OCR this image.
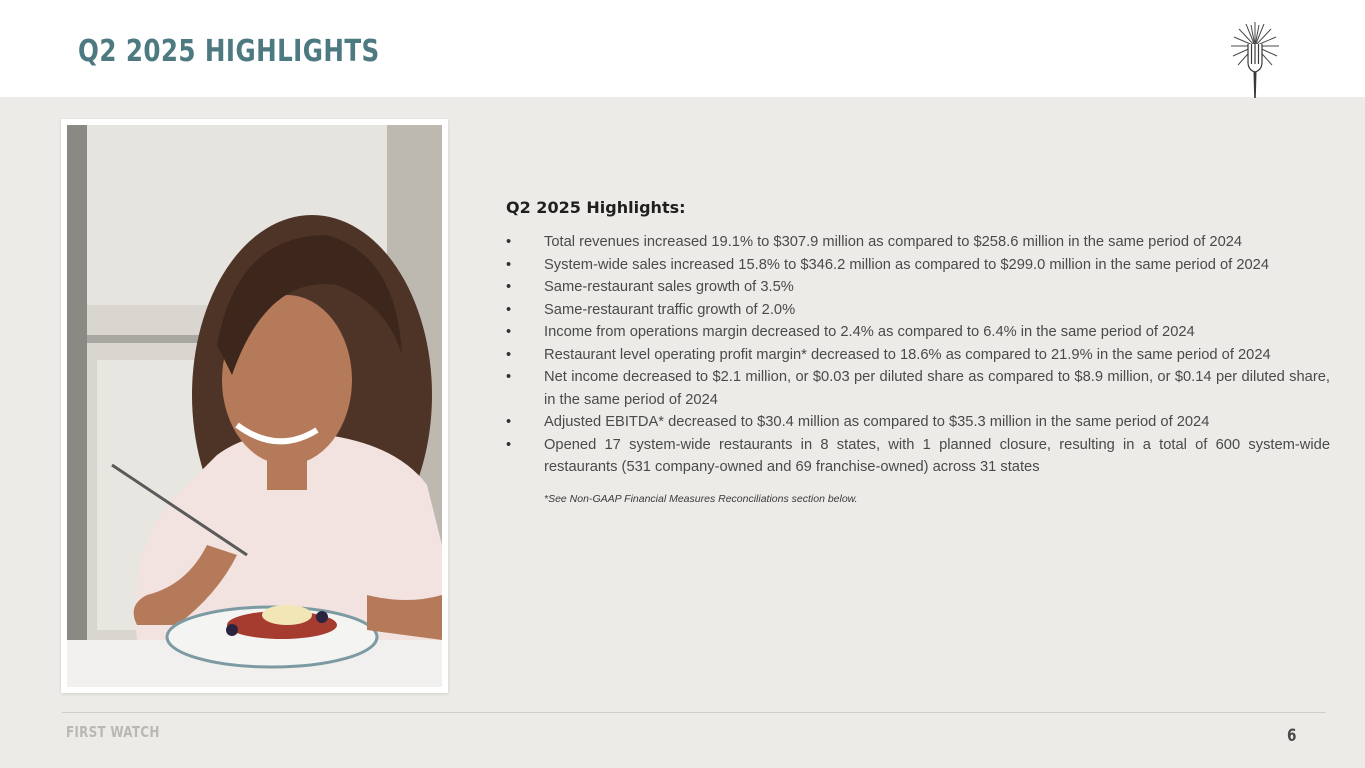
Q2 2025 HIGHLIGHTS
Q2 2025 Highlights:
• Total revenues increased 19.1% to $307.9 million as compared to $258.6 million in the same period of 2024
• System-wide sales increased 15.8% to $346.2 million as compared to $299.0 million in the same period of 2024
• Same-restaurant sales growth of 3.5%
• Same-restaurant traffic growth of 2.0%
• Income from operations margin decreased to 2.4% as compared to 6.4% in the same period of 2024
• Restaurant level operating profit margin* decreased to 18.6% as compared to 21.9% in the same period of 2024
• Net income decreased to $2.1 million, or $0.03 per diluted share as compared to $8.9 million, or $0.14 per diluted share, in the same period of 2024
• Adjusted EBITDA* decreased to $30.4 million as compared to $35.3 million in the same period of 2024
• Opened 17 system-wide restaurants in 8 states, with 1 planned closure, resulting in a total of 600 system-wide restaurants (531 company-owned and 69 franchise-owned) across 31 states
*See Non-GAAP Financial Measures Reconciliations section below.
FIRST WATCH	6
